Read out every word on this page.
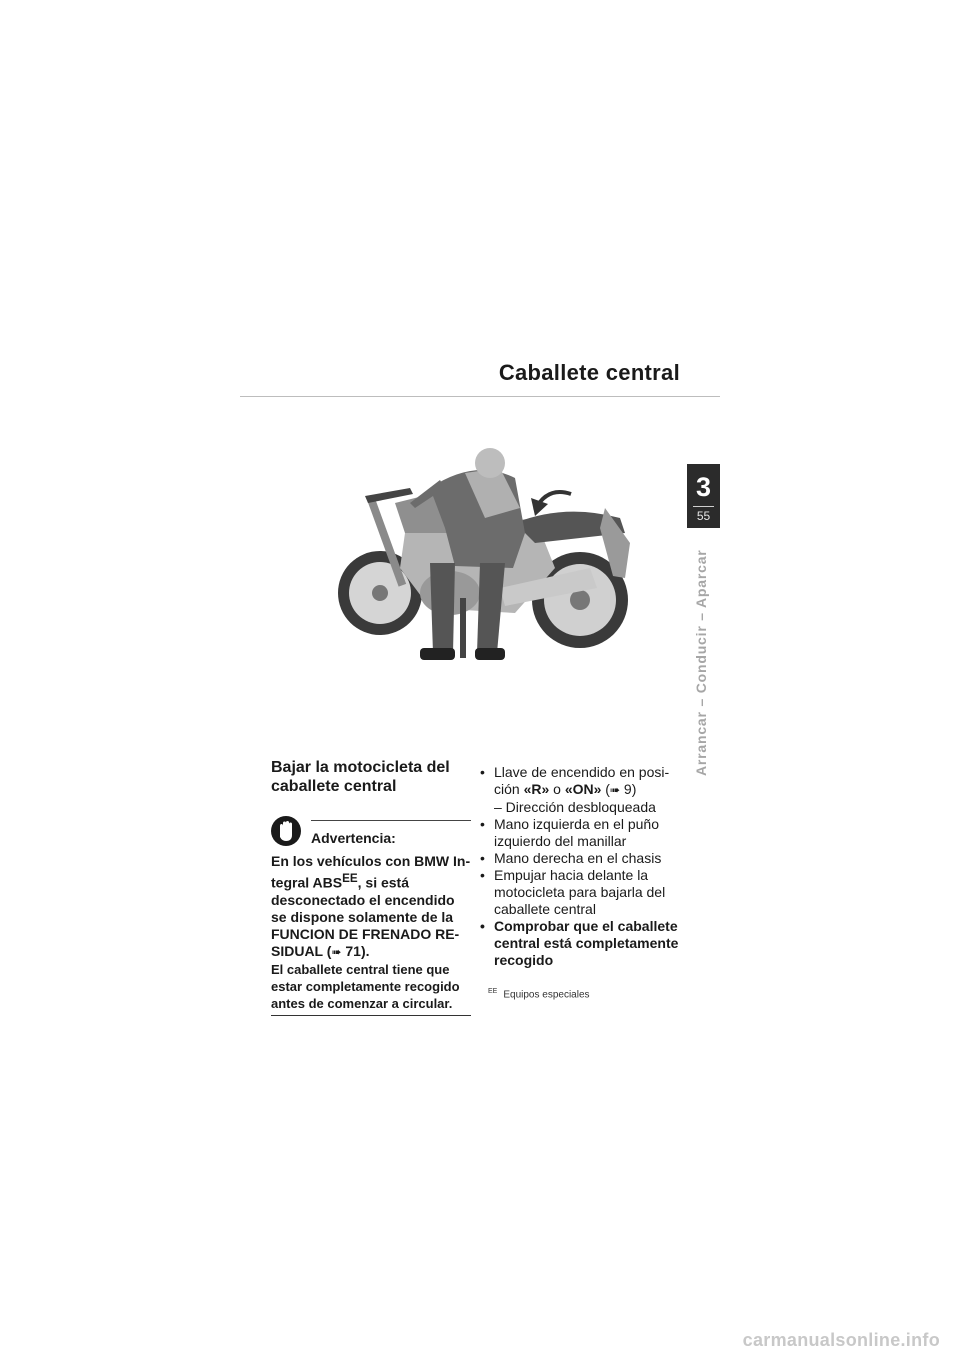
Caballete central
3
55
Arrancar – Conducir – Aparcar
Bajar la motocicleta del
caballete central
Advertencia:

En los vehículos con BMW In-tegral $ABS^{EE}$, si está desconectado el encendido se dispone solamente de la FUNCION DE FRENADO RE-SIDUAL (➠ 71).

El caballete central tiene que estar completamente recogido antes de comenzar a circular.

• Llave de encendido en posi-ción «R» o «ON» (➠ 9)
– Dirección desbloqueada
• Mano izquierda en el puño izquierdo del manillar
• Mano derecha en el chasis
• Empujar hacia delante la motocicleta para bajarla del caballete central
• Comprobar que el caballete central está completamente recogido
$^{EE}$ Equipos especiales
carmanualsonline.info
